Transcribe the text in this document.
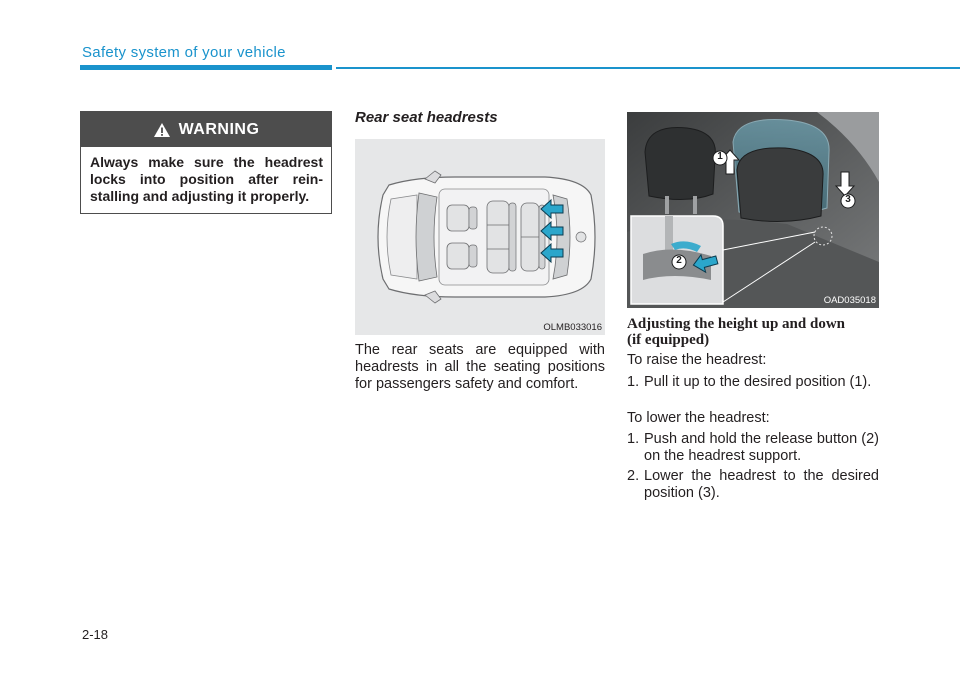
Safety system of your vehicle
WARNING
Always make sure the headrest locks into position after rein-stalling and adjusting it properly.
Rear seat headrests
OLMB033016
The rear seats are equipped with headrests in all the seating positions for passengers safety and comfort.
1
3
2
OAD035018
Adjusting the height up and down
(if equipped)
To raise the headrest:
1. Pull it up to the desired position (1).
To lower the headrest:
1. Push and hold the release button (2) on the headrest support.
2. Lower the headrest to the desired position (3).
2-18
